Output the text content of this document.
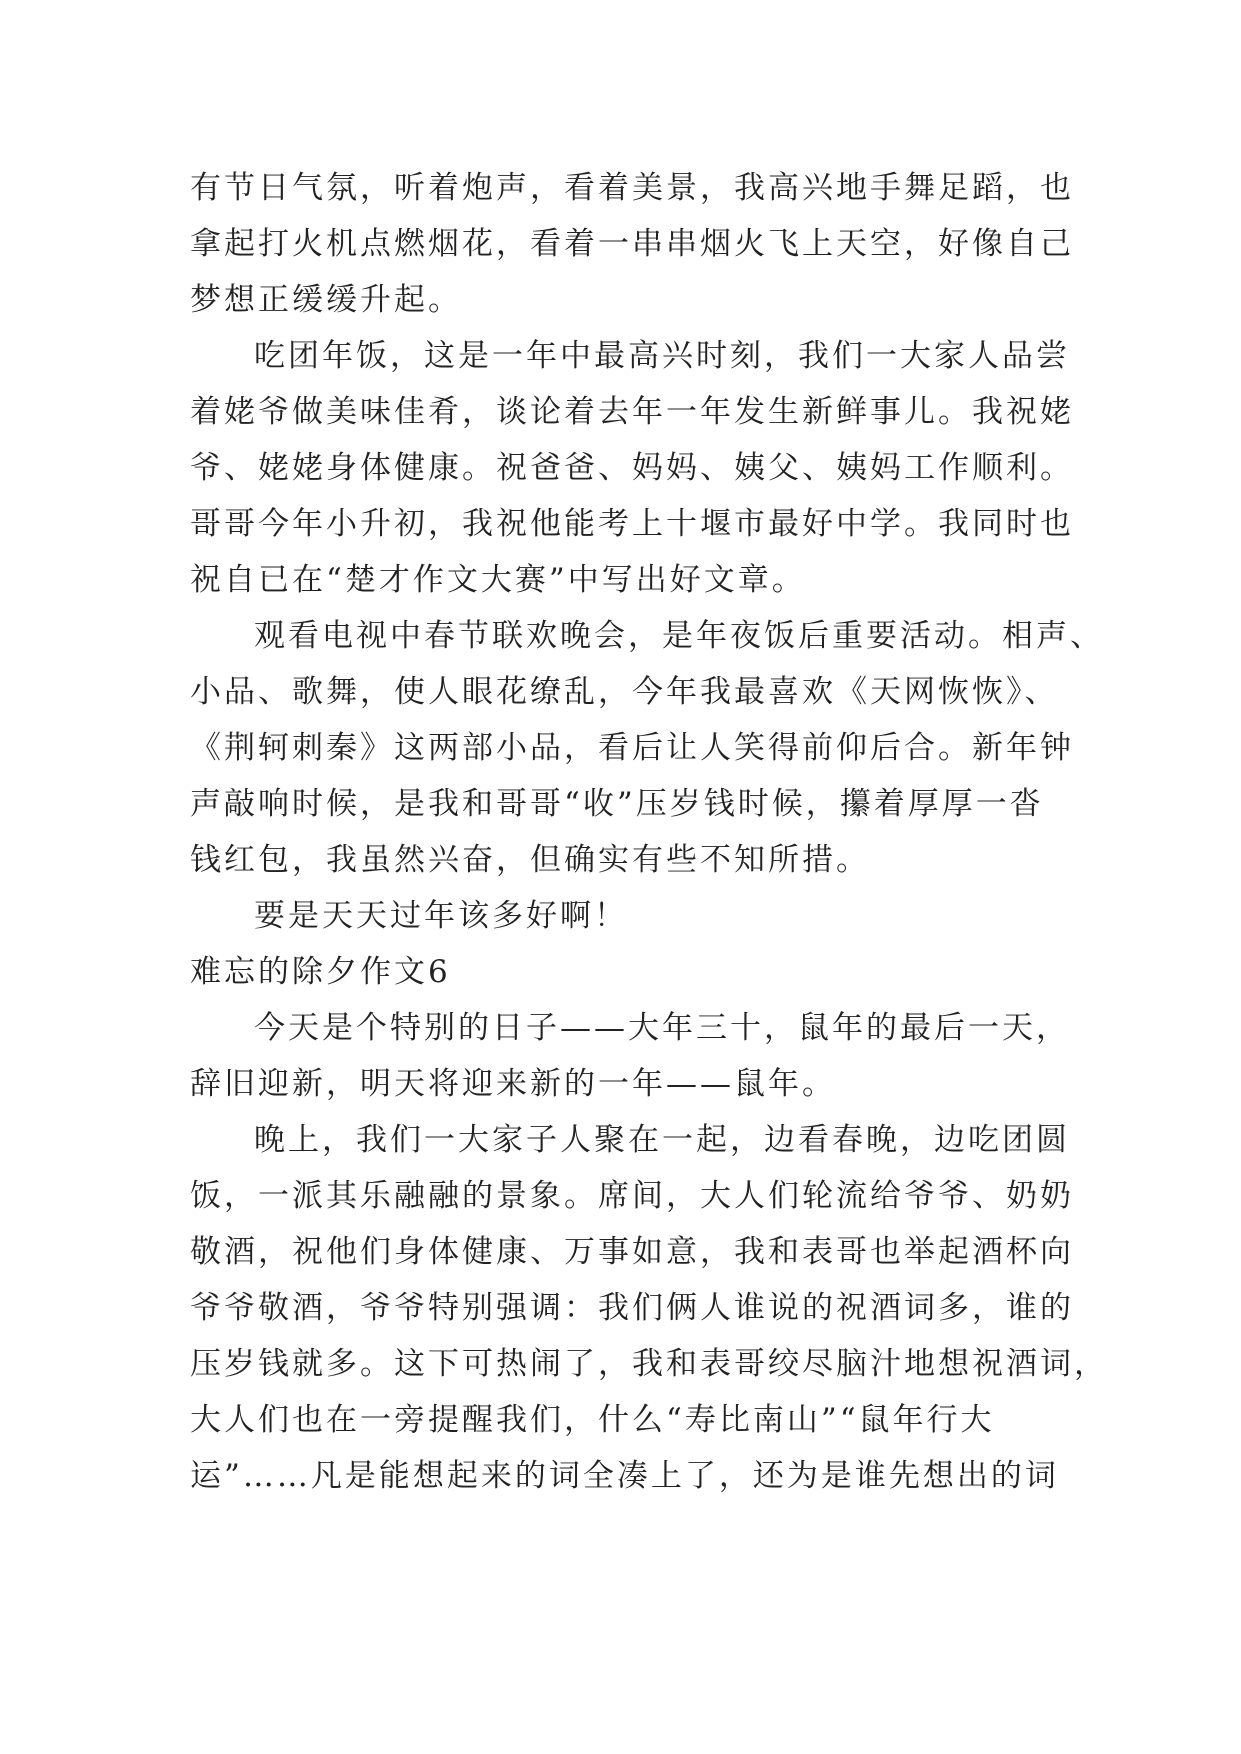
有节日气氛，听着炮声，看着美景，我高兴地手舞足蹈，也
拿起打火机点燃烟花，看着一串串烟火飞上天空，好像自己
梦想正缓缓升起。
吃团年饭，这是一年中最高兴时刻，我们一大家人品尝
着姥爷做美味佳肴，谈论着去年一年发生新鲜事儿。我祝姥
爷、姥姥身体健康。祝爸爸、妈妈、姨父、姨妈工作顺利。
哥哥今年小升初，我祝他能考上十堰市最好中学。我同时也
祝自已在“楚才作文大赛”中写出好文章。
观看电视中春节联欢晚会，是年夜饭后重要活动。相声、
小品、歌舞，使人眼花缭乱，今年我最喜欢《天网恢恢》、
《荆轲刺秦》这两部小品，看后让人笑得前仰后合。新年钟
声敲响时候，是我和哥哥“收”压岁钱时候，攥着厚厚一沓
钱红包，我虽然兴奋，但确实有些不知所措。
要是天天过年该多好啊！
难忘的除夕作文6
今天是个特别的日子——大年三十，鼠年的最后一天，
辞旧迎新，明天将迎来新的一年——鼠年。
晚上，我们一大家子人聚在一起，边看春晚，边吃团圆
饭，一派其乐融融的景象。席间，大人们轮流给爷爷、奶奶
敬酒，祝他们身体健康、万事如意，我和表哥也举起酒杯向
爷爷敬酒，爷爷特别强调：我们俩人谁说的祝酒词多，谁的
压岁钱就多。这下可热闹了，我和表哥绞尽脑汁地想祝酒词，
大人们也在一旁提醒我们，什么“寿比南山”“鼠年行大
运”……凡是能想起来的词全凑上了，还为是谁先想出的词
